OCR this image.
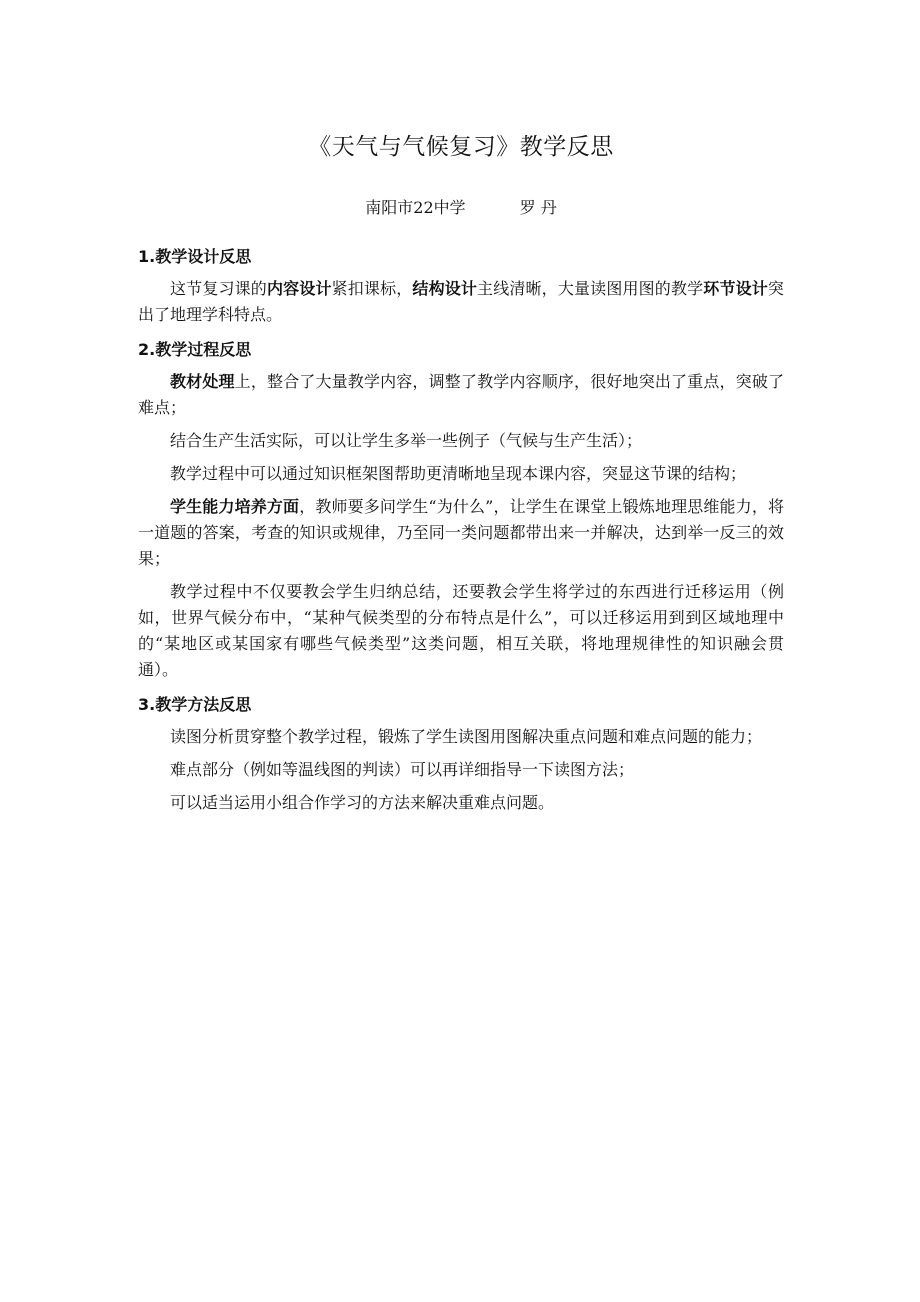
《天气与气候复习》教学反思
南阳市22中学	罗 丹
1.教学设计反思

这节复习课的内容设计紧扣课标，结构设计主线清晰，大量读图用图的教学环节设计突出了地理学科特点。

2.教学过程反思

教材处理上，整合了大量教学内容，调整了教学内容顺序，很好地突出了重点，突破了难点；

结合生产生活实际，可以让学生多举一些例子（气候与生产生活）；

教学过程中可以通过知识框架图帮助更清晰地呈现本课内容，突显这节课的结构；

学生能力培养方面，教师要多问学生“为什么”，让学生在课堂上锻炼地理思维能力，将一道题的答案，考查的知识或规律，乃至同一类问题都带出来一并解决，达到举一反三的效果；

教学过程中不仅要教会学生归纳总结，还要教会学生将学过的东西进行迁移运用（例如，世界气候分布中，“某种气候类型的分布特点是什么”，可以迁移运用到到区域地理中的“某地区或某国家有哪些气候类型”这类问题，相互关联，将地理规律性的知识融会贯通）。

3.教学方法反思

读图分析贯穿整个教学过程，锻炼了学生读图用图解决重点问题和难点问题的能力；

难点部分（例如等温线图的判读）可以再详细指导一下读图方法；

可以适当运用小组合作学习的方法来解决重难点问题。
